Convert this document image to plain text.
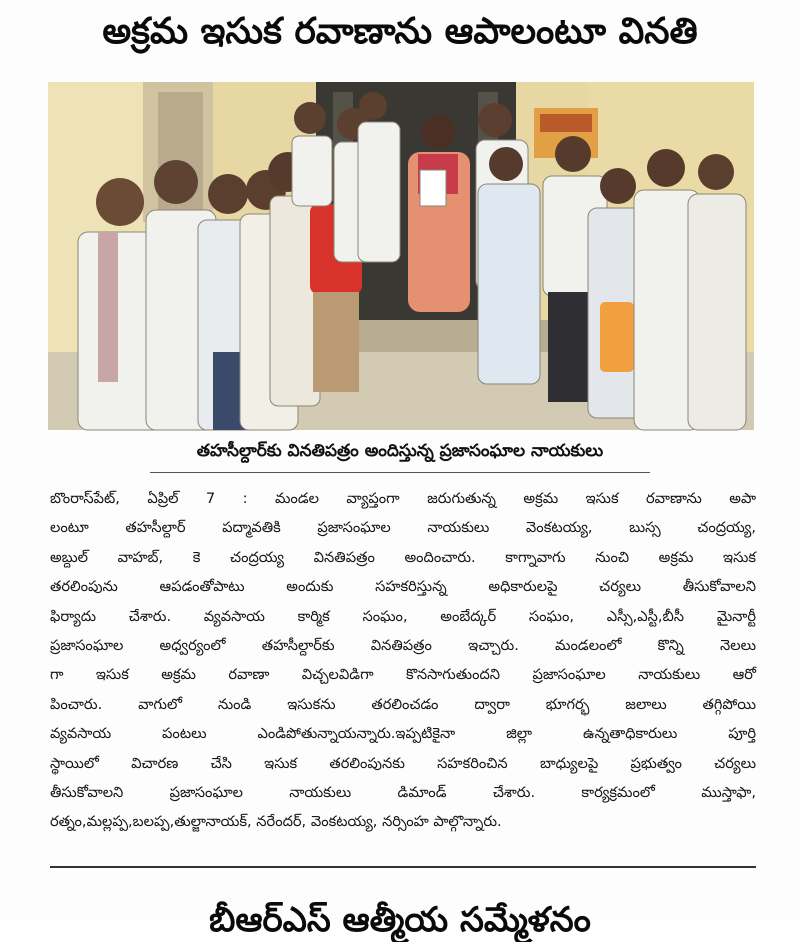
అక్రమ ఇసుక రవాణాను ఆపాలంటూ వినతి
తహసీల్దార్‌కు వినతిపత్రం అందిస్తున్న ప్రజాసంఘాల నాయకులు
బొంరాస్‌పేట్, ఏప్రిల్ 7 : మండల వ్యాప్తంగా జరుగుతున్న అక్రమ ఇసుక రవాణాను అపా
లంటూ తహసీల్దార్ పద్మావతికి ప్రజాసంఘాల నాయకులు వెంకటయ్య, బుస్స చంద్రయ్య,
అబ్దుల్ వాహబ్, కె చంద్రయ్య వినతిపత్రం అందించారు. కాగ్నావాగు నుంచి అక్రమ ఇసుక
తరలింపును ఆపడంతోపాటు అందుకు సహకరిస్తున్న అధికారులపై చర్యలు తీసుకోవాలని
ఫిర్యాదు చేశారు. వ్యవసాయ కార్మిక సంఘం, అంబేద్కర్ సంఘం, ఎస్సీ,ఎస్టీ,బీసీ మైనార్టీ
ప్రజాసంఘాల అధ్వర్యంలో తహసీల్దార్‌కు వినతిపత్రం ఇచ్చారు. మండలంలో కొన్ని నెలలు
గా ఇసుక అక్రమ రవాణా విచ్చలవిడిగా కొనసాగుతుందని ప్రజాసంఘాల నాయకులు ఆరో
పించారు. వాగులో నుండి ఇసుకను తరలించడం ద్వారా భూగర్భ జలాలు తగ్గిపోయి
వ్యవసాయ పంటలు ఎండిపోతున్నాయన్నారు.ఇప్పటికైనా జిల్లా ఉన్నతాధికారులు పూర్తి
స్థాయిలో విచారణ చేసి ఇసుక తరలింపునకు సహకరించిన బాధ్యులపై ప్రభుత్వం చర్యలు
తీసుకోవాలని ప్రజాసంఘాల నాయకులు డిమాండ్ చేశారు. కార్యక్రమంలో ముస్తాఫా,
రత్నం,మల్లప్ప,బలప్ప,తుల్జానాయక్, నరేందర్, వెంకటయ్య, నర్సింహ పాల్గొన్నారు.
బీఆర్ఎస్ ఆత్మీయ సమ్మేళనం
